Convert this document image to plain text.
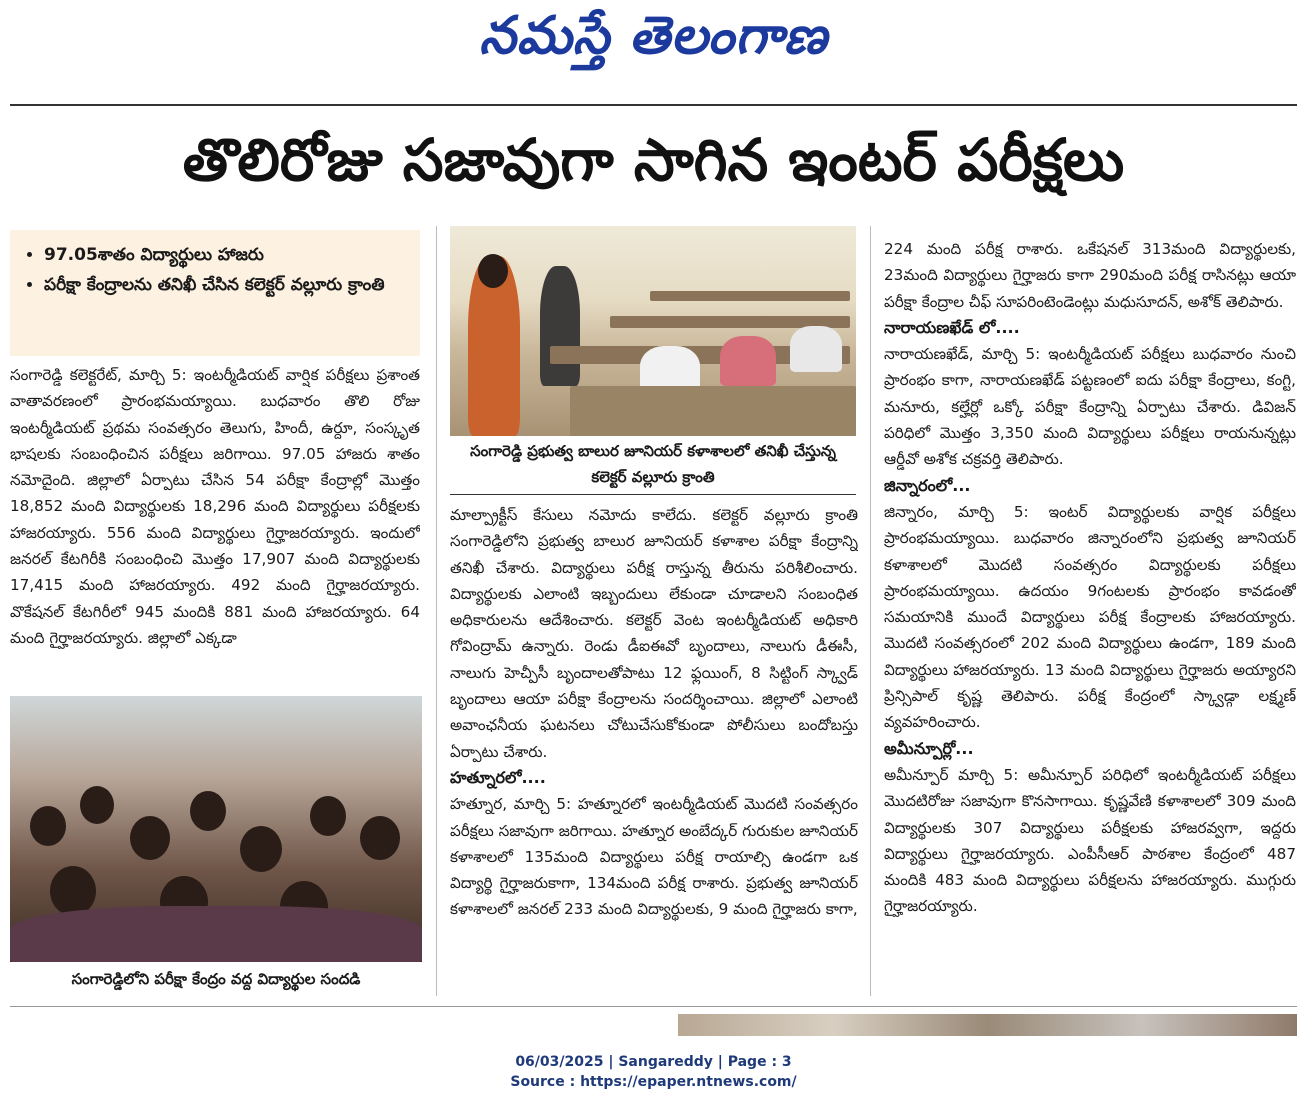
నమస్తే తెలంగాణ
తొలిరోజు సజావుగా సాగిన ఇంటర్ పరీక్షలు
• 97.05శాతం విద్యార్థులు హాజరు
• పరీక్షా కేంద్రాలను తనిఖీ చేసిన కలెక్టర్ వల్లూరు క్రాంతి

సంగారెడ్డి కలెక్టరేట్, మార్చి 5: ఇంటర్మీడియట్ వార్షిక పరీక్షలు ప్రశాంత వాతావరణంలో ప్రారంభమయ్యాయి. బుధవారం తొలి రోజు ఇంటర్మీడియట్ ప్రథమ సంవత్సరం తెలుగు, హిందీ, ఉర్దూ, సంస్కృత భాషలకు సంబంధించిన పరీక్షలు జరిగాయి. 97.05 హాజరు శాతం నమోదైంది. జిల్లాలో ఏర్పాటు చేసిన 54 పరీక్షా కేంద్రాల్లో మొత్తం 18,852 మంది విద్యార్థులకు 18,296 మంది విద్యార్థులు పరీక్షలకు హాజరయ్యారు. 556 మంది విద్యార్థులు గైర్హాజరయ్యారు. ఇందులో జనరల్ కేటగిరీకి సంబంధించి మొత్తం 17,907 మంది విద్యార్థులకు 17,415 మంది హాజరయ్యారు. 492 మంది గైర్హాజరయ్యారు. వొకేషనల్ కేటగిరీలో 945 మందికి 881 మంది హాజరయ్యారు. 64 మంది గైర్హాజరయ్యారు. జిల్లాలో ఎక్కడా

సంగారెడ్డిలోని పరీక్షా కేంద్రం వద్ద విద్యార్థుల సందడి
సంగారెడ్డి ప్రభుత్వ బాలుర జూనియర్ కళాశాలలో తనిఖీ చేస్తున్న కలెక్టర్ వల్లూరు క్రాంతి

మాల్ప్రాక్టీస్ కేసులు నమోదు కాలేదు. కలెక్టర్ వల్లూరు క్రాంతి సంగారెడ్డిలోని ప్రభుత్వ బాలుర జూనియర్ కళాశాల పరీక్షా కేంద్రాన్ని తనిఖీ చేశారు. విద్యార్థులు పరీక్ష రాస్తున్న తీరును పరిశీలించారు. విద్యార్థులకు ఎలాంటి ఇబ్బందులు లేకుండా చూడాలని సంబంధిత అధికారులను ఆదేశించారు. కలెక్టర్ వెంట ఇంటర్మీడియట్ అధికారి గోవింద్రామ్ ఉన్నారు. రెండు డీఐఈవో బృందాలు, నాలుగు డీఈసీ, నాలుగు హెచ్పీసీ బృందాలతోపాటు 12 ఫ్లయింగ్, 8 సిట్టింగ్ స్క్వాడ్ బృందాలు ఆయా పరీక్షా కేంద్రాలను సందర్శించాయి. జిల్లాలో ఎలాంటి అవాంఛనీయ ఘటనలు చోటుచేసుకోకుండా పోలీసులు బందోబస్తు ఏర్పాటు చేశారు.

హత్నూరలో....

హత్నూర, మార్చి 5: హత్నూరలో ఇంటర్మీడియట్ మొదటి సంవత్సరం పరీక్షలు సజావుగా జరిగాయి. హత్నూర అంబేద్కర్ గురుకుల జూనియర్ కళాశాలలో 135మంది విద్యార్థులు పరీక్ష రాయాల్సి ఉండగా ఒక విద్యార్థి గైర్హాజరుకాగా, 134మంది పరీక్ష రాశారు. ప్రభుత్వ జూనియర్ కళాశాలలో జనరల్ 233 మంది విద్యార్థులకు, 9 మంది గైర్హాజరు కాగా,

224 మంది పరీక్ష రాశారు. ఒకేషనల్ 313మంది విద్యార్థులకు, 23మంది విద్యార్థులు గైర్హాజరు కాగా 290మంది పరీక్ష రాసినట్లు ఆయా పరీక్షా కేంద్రాల చీఫ్ సూపరింటెండెంట్లు మధుసూదన్, అశోక్ తెలిపారు.

నారాయణఖేడ్ లో....

నారాయణఖేడ్, మార్చి 5: ఇంటర్మీడియట్ పరీక్షలు బుధవారం నుంచి ప్రారంభం కాగా, నారాయణఖేడ్ పట్టణంలో ఐదు పరీక్షా కేంద్రాలు, కంగ్టి, మనూరు, కల్హేర్లో ఒక్కో పరీక్షా కేంద్రాన్ని ఏర్పాటు చేశారు. డివిజన్ పరిధిలో మొత్తం 3,350 మంది విద్యార్థులు పరీక్షలు రాయనున్నట్లు ఆర్డీవో అశోక చక్రవర్తి తెలిపారు.

జిన్నారంలో...

జిన్నారం, మార్చి 5: ఇంటర్ విద్యార్థులకు వార్షిక పరీక్షలు ప్రారంభమయ్యాయి. బుధవారం జిన్నారంలోని ప్రభుత్వ జూనియర్ కళాశాలలో మొదటి సంవత్సరం విద్యార్థులకు పరీక్షలు ప్రారంభమయ్యాయి. ఉదయం 9గంటలకు ప్రారంభం కావడంతో సమయానికి ముందే విద్యార్థులు పరీక్ష కేంద్రాలకు హాజరయ్యారు. మొదటి సంవత్సరంలో 202 మంది విద్యార్థులు ఉండగా, 189 మంది విద్యార్థులు హాజరయ్యారు. 13 మంది విద్యార్థులు గైర్హాజరు అయ్యారని ప్రిన్సిపాల్ కృష్ణ తెలిపారు. పరీక్ష కేంద్రంలో స్క్వాడ్గా లక్ష్మణ్ వ్యవహరించారు.

అమీన్పూర్లో...

అమీన్పూర్ మార్చి 5: అమీన్పూర్ పరిధిలో ఇంటర్మీడియట్ పరీక్షలు మొదటిరోజు సజావుగా కొనసాగాయి. కృష్ణవేణి కళాశాలలో 309 మంది విద్యార్థులకు 307 విద్యార్థులు పరీక్షలకు హాజరవ్వగా, ఇద్దరు విద్యార్థులు గైర్హాజరయ్యారు. ఎంపీసీఆర్ పాఠశాల కేంద్రంలో 487 మందికి 483 మంది విద్యార్థులు పరీక్షలను హాజరయ్యారు. ముగ్గురు గైర్హాజరయ్యారు.

06/03/2025 | Sangareddy | Page : 3
Source : https://epaper.ntnews.com/
